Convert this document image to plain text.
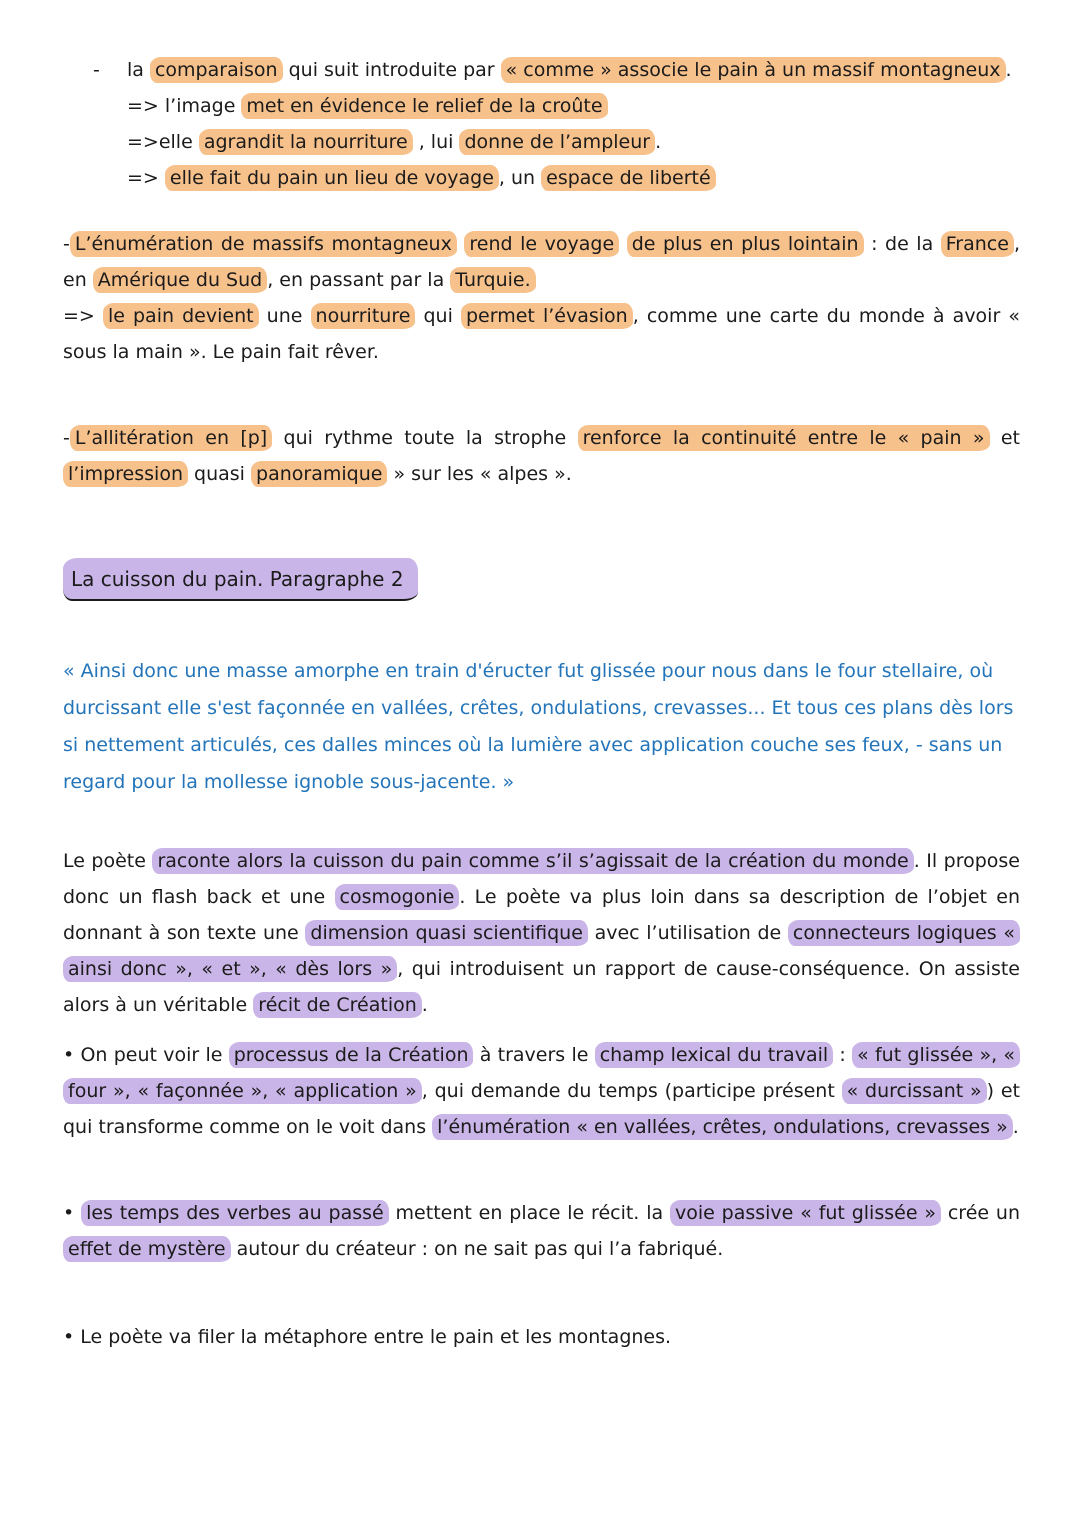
-	la comparaison qui suit introduite par « comme » associe le pain à un massif montagneux .

=> l’image met en évidence le relief de la croûte

=>elle agrandit la nourriture , lui donne de l’ampleur .

=> elle fait du pain un lieu de voyage , un espace de liberté

- L’énumération de massifs montagneux rend le voyage de plus en plus lointain : de la France , en Amérique du Sud , en passant par la Turquie.

=> le pain devient une nourriture qui permet l’évasion , comme une carte du monde à avoir « sous la main ». Le pain fait rêver.

- L’allitération en [p] qui rythme toute la strophe renforce la continuité entre le « pain » et l’impression quasi panoramique » sur les « alpes ».

La cuisson du pain. Paragraphe 2

« Ainsi donc une masse amorphe en train d'éructer fut glissée pour nous dans le four stellaire, où durcissant elle s'est façonnée en vallées, crêtes, ondulations, crevasses... Et tous ces plans dès lors si nettement articulés, ces dalles minces où la lumière avec application couche ses feux, - sans un regard pour la mollesse ignoble sous-jacente. »

Le poète raconte alors la cuisson du pain comme s’il s’agissait de la création du monde . Il propose donc un flash back et une cosmogonie . Le poète va plus loin dans sa description de l’objet en donnant à son texte une dimension quasi scientifique avec l’utilisation de connecteurs logiques « ainsi donc », « et », « dès lors » , qui introduisent un rapport de cause-conséquence. On assiste alors à un véritable récit de Création .

• On peut voir le processus de la Création à travers le champ lexical du travail : « fut glissée », « four », « façonnée », « application » , qui demande du temps (participe présent « durcissant » ) et qui transforme comme on le voit dans l’énumération « en vallées, crêtes, ondulations, crevasses » .

• les temps des verbes au passé mettent en place le récit. la voie passive « fut glissée » crée un effet de mystère autour du créateur : on ne sait pas qui l’a fabriqué.

• Le poète va filer la métaphore entre le pain et les montagnes.
